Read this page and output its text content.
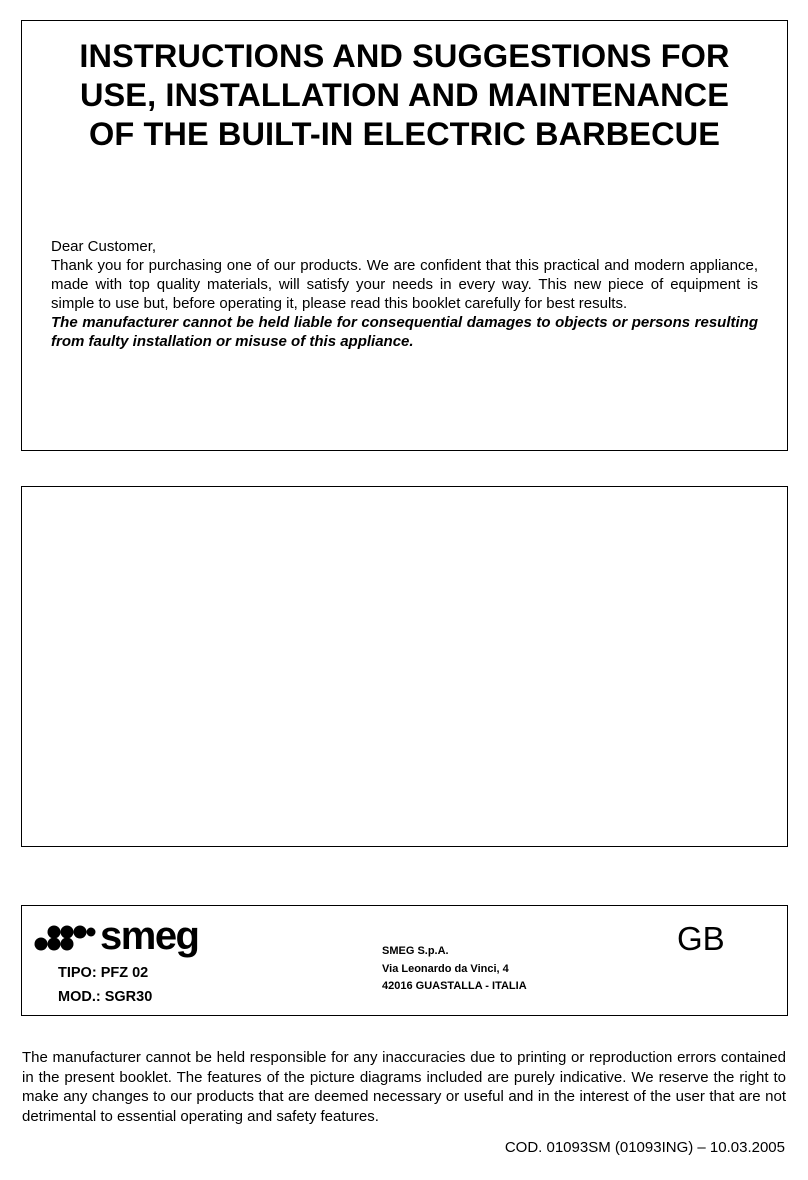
INSTRUCTIONS AND SUGGESTIONS FOR
USE, INSTALLATION AND MAINTENANCE
OF THE BUILT-IN ELECTRIC BARBECUE

Dear Customer,

Thank you for purchasing one of our products. We are confident that this practical and modern appliance, made with top quality materials, will satisfy your needs in every way. This new piece of equipment is simple to use but, before operating it, please read this booklet carefully for best results.

The manufacturer cannot be held liable for consequential damages to objects or persons resulting from faulty installation or misuse of this appliance.

smeg
TIPO: PFZ 02
MOD.: SGR30
SMEG S.p.A.
Via Leonardo da Vinci, 4
42016 GUASTALLA - ITALIA
GB

The manufacturer cannot be held responsible for any inaccuracies due to printing or reproduction errors contained in the present booklet. The features of the picture diagrams included are purely indicative. We reserve the right to make any changes to our products that are deemed necessary or useful and in the interest of the user that are not detrimental to essential operating and safety features.

COD. 01093SM (01093ING) – 10.03.2005
